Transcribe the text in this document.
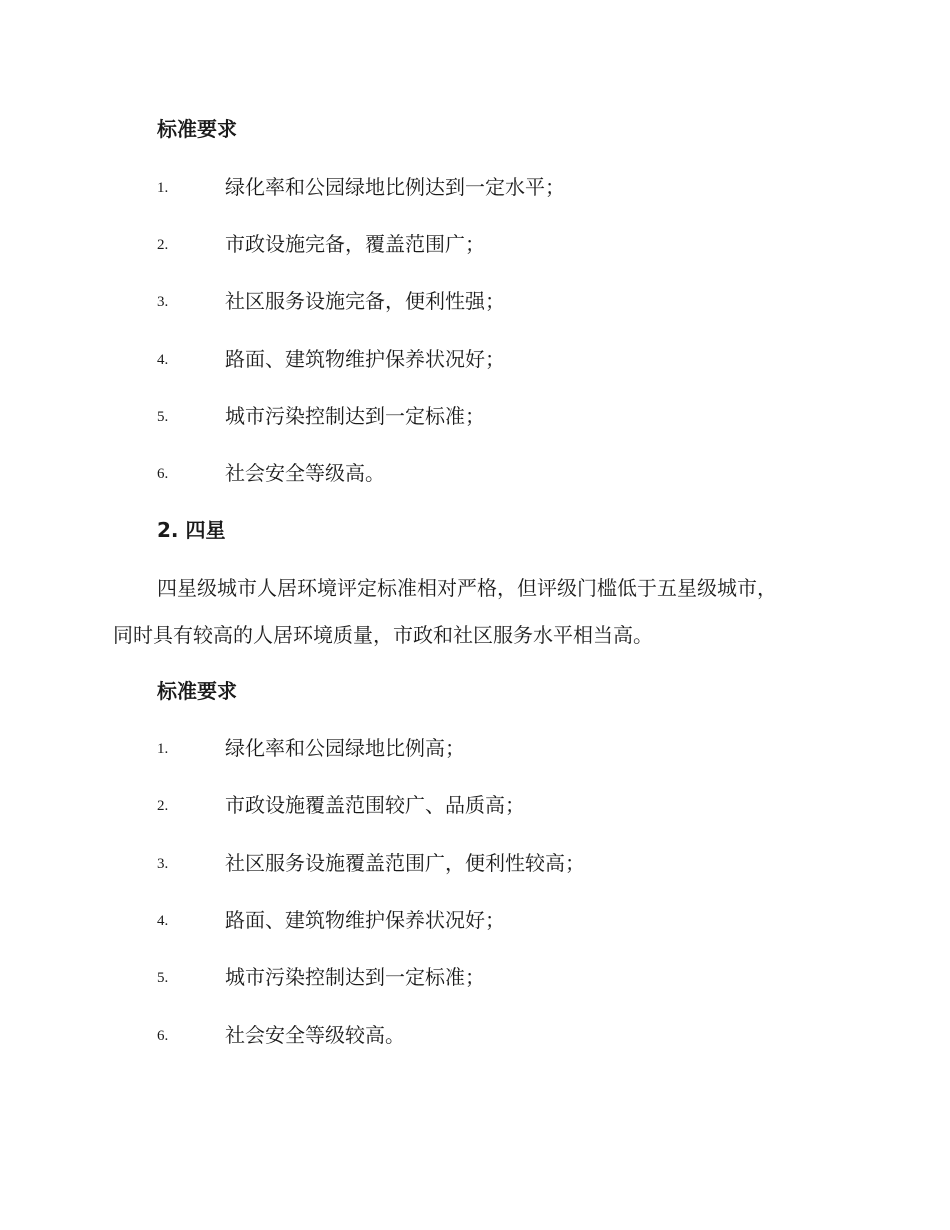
标准要求
1.	绿化率和公园绿地比例达到一定水平；
2.	市政设施完备，覆盖范围广；
3.	社区服务设施完备，便利性强；
4.	路面、建筑物维护保养状况好；
5.	城市污染控制达到一定标准；
6.	社会安全等级高。
2. 四星
四星级城市人居环境评定标准相对严格，但评级门槛低于五星级城市，
同时具有较高的人居环境质量，市政和社区服务水平相当高。
标准要求
1.	绿化率和公园绿地比例高；
2.	市政设施覆盖范围较广、品质高；
3.	社区服务设施覆盖范围广，便利性较高；
4.	路面、建筑物维护保养状况好；
5.	城市污染控制达到一定标准；
6.	社会安全等级较高。
